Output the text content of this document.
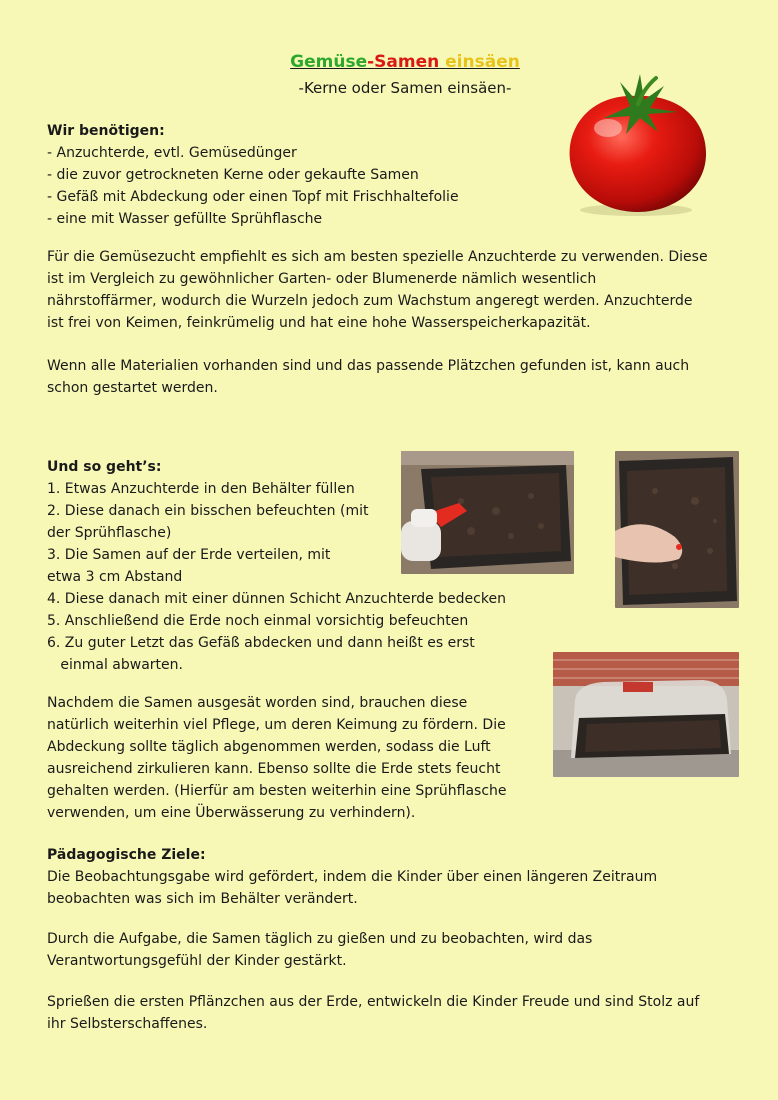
Gemüse-Samen einsäen
-Kerne oder Samen einsäen-

Wir benötigen:

- Anzuchterde, evtl. Gemüsedünger
- die zuvor getrockneten Kerne oder gekaufte Samen
- Gefäß mit Abdeckung oder einen Topf mit Frischhaltefolie
- eine mit Wasser gefüllte Sprühflasche

Für die Gemüsezucht empfiehlt es sich am besten spezielle Anzuchterde zu verwenden. Diese

ist im Vergleich zu gewöhnlicher Garten- oder Blumenerde nämlich wesentlich

nährstoffärmer, wodurch die Wurzeln jedoch zum Wachstum angeregt werden. Anzuchterde

ist frei von Keimen, feinkrümelig und hat eine hohe Wasserspeicherkapazität.

Wenn alle Materialien vorhanden sind und das passende Plätzchen gefunden ist, kann auch

schon gestartet werden.

Und so geht’s:

1. Etwas Anzuchterde in den Behälter füllen
2. Diese danach ein bisschen befeuchten (mit
der Sprühflasche)
3. Die Samen auf der Erde verteilen, mit
etwa 3 cm Abstand
4. Diese danach mit einer dünnen Schicht Anzuchterde bedecken
5. Anschließend die Erde noch einmal vorsichtig befeuchten
6. Zu guter Letzt das Gefäß abdecken und dann heißt es erst
einmal abwarten.

Nachdem die Samen ausgesät worden sind, brauchen diese

natürlich weiterhin viel Pflege, um deren Keimung zu fördern. Die

Abdeckung sollte täglich abgenommen werden, sodass die Luft

ausreichend zirkulieren kann. Ebenso sollte die Erde stets feucht

gehalten werden. (Hierfür am besten weiterhin eine Sprühflasche

verwenden, um eine Überwässerung zu verhindern).

Pädagogische Ziele:

Die Beobachtungsgabe wird gefördert, indem die Kinder über einen längeren Zeitraum

beobachten was sich im Behälter verändert.

Durch die Aufgabe, die Samen täglich zu gießen und zu beobachten, wird das

Verantwortungsgefühl der Kinder gestärkt.

Sprießen die ersten Pflänzchen aus der Erde, entwickeln die Kinder Freude und sind Stolz auf

ihr Selbsterschaffenes.
